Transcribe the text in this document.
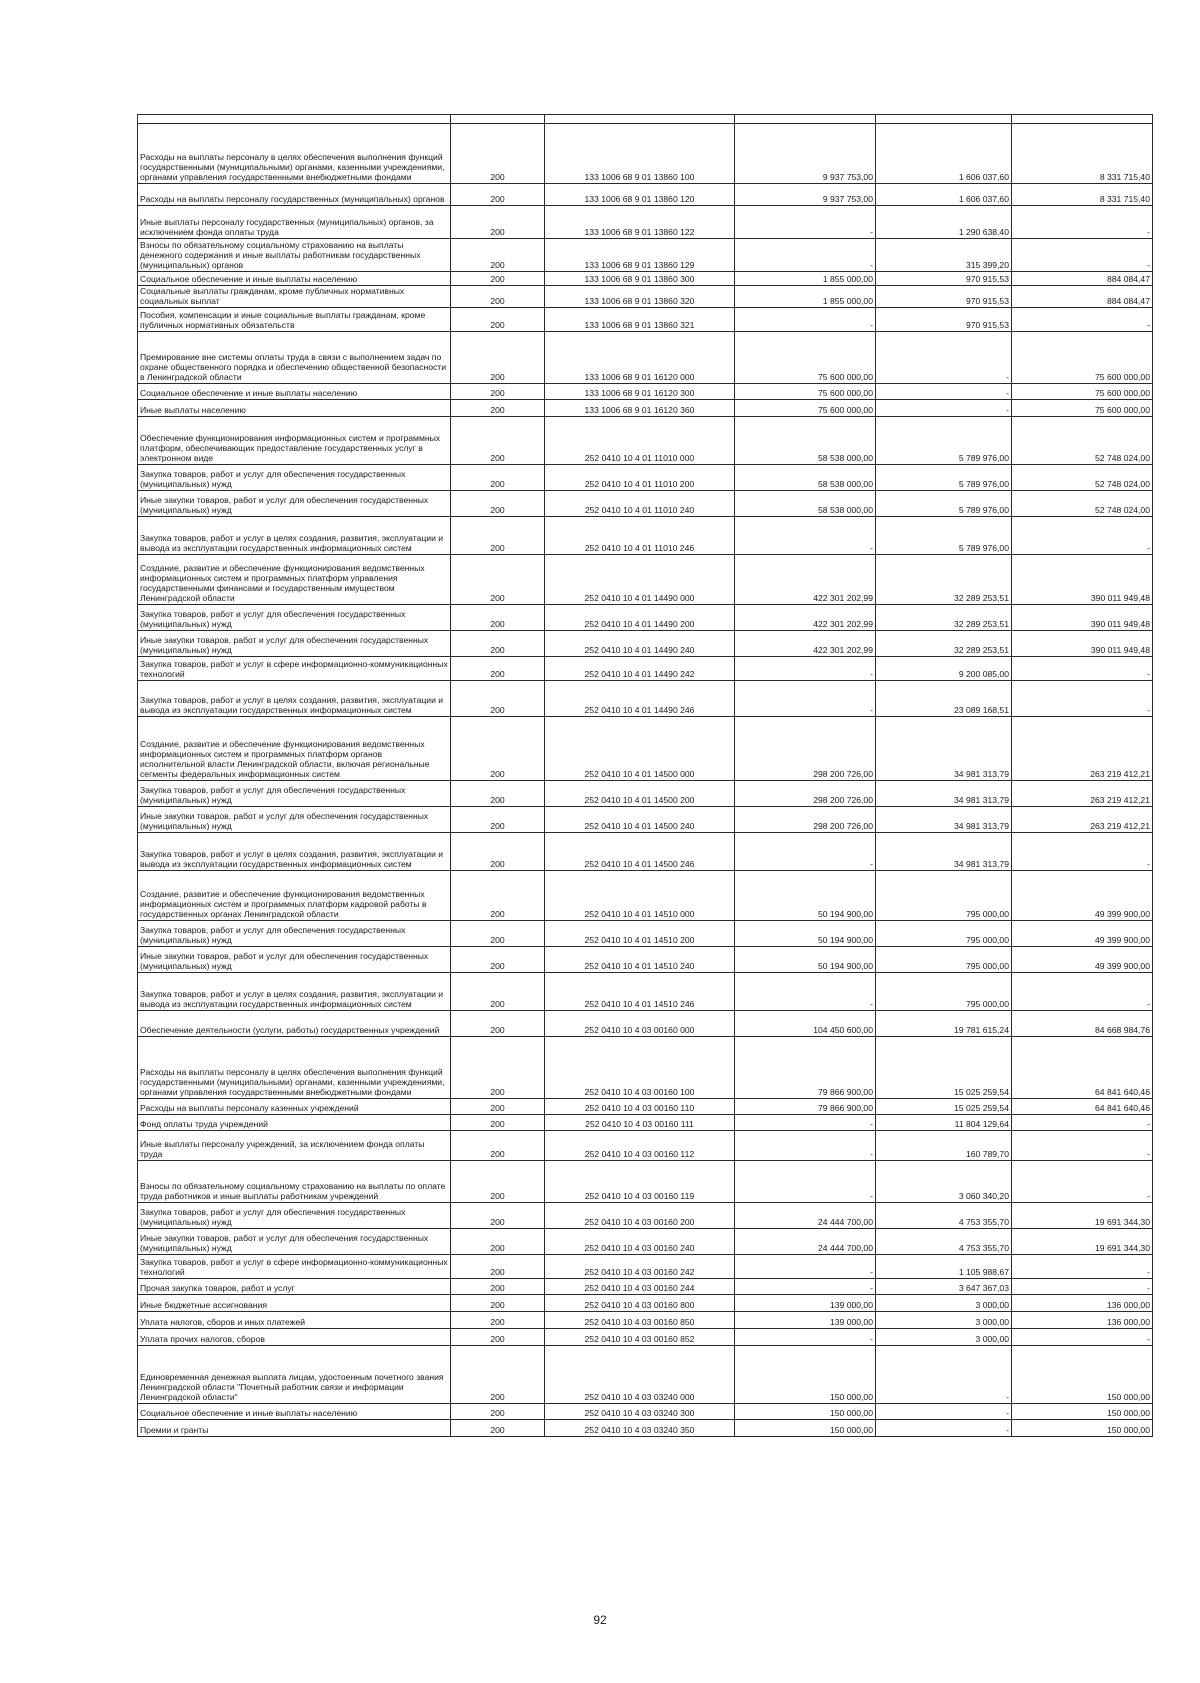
Расходы на выплаты персоналу в целях обеспечения выполнения функций государственными (муниципальными) органами, казенными учреждениями, органами управления государственными внебюджетными фондами	200	133 1006 68 9 01 13860 100	9 937 753,00	1 606 037,60	8 331 715,40
Расходы на выплаты персоналу государственных (муниципальных) органов	200	133 1006 68 9 01 13860 120	9 937 753,00	1 606 037,60	8 331 715,40
Иные выплаты персоналу государственных (муниципальных) органов, за исключением фонда оплаты труда	200	133 1006 68 9 01 13860 122	-	1 290 638,40	-
Взносы по обязательному социальному страхованию на выплаты денежного содержания и иные выплаты работникам государственных (муниципальных) органов	200	133 1006 68 9 01 13860 129	-	315 399,20	-
Социальное обеспечение и иные выплаты населению	200	133 1006 68 9 01 13860 300	1 855 000,00	970 915,53	884 084,47
Социальные выплаты гражданам, кроме публичных нормативных социальных выплат	200	133 1006 68 9 01 13860 320	1 855 000,00	970 915,53	884 084,47
Пособия, компенсации и иные социальные выплаты гражданам, кроме публичных нормативных обязательств	200	133 1006 68 9 01 13860 321	-	970 915,53	-
Премирование вне системы оплаты труда в связи с выполнением задач по охране общественного порядка и обеспечению общественной безопасности в Ленинградской области	200	133 1006 68 9 01 16120 000	75 600 000,00	-	75 600 000,00
Социальное обеспечение и иные выплаты населению	200	133 1006 68 9 01 16120 300	75 600 000,00	-	75 600 000,00
Иные выплаты населению	200	133 1006 68 9 01 16120 360	75 600 000,00	-	75 600 000,00
Обеспечение функционирования информационных систем и программных платформ, обеспечивающих предоставление государственных услуг в электронном виде	200	252 0410 10 4 01 11010 000	58 538 000,00	5 789 976,00	52 748 024,00
Закупка товаров, работ и услуг для обеспечения государственных (муниципальных) нужд	200	252 0410 10 4 01 11010 200	58 538 000,00	5 789 976,00	52 748 024,00
Иные закупки товаров, работ и услуг для обеспечения государственных (муниципальных) нужд	200	252 0410 10 4 01 11010 240	58 538 000,00	5 789 976,00	52 748 024,00
Закупка товаров, работ и услуг в целях создания, развития, эксплуатации и вывода из эксплуатации государственных информационных систем	200	252 0410 10 4 01 11010 246	-	5 789 976,00	-
Создание, развитие и обеспечение функционирования ведомственных информационных систем и программных платформ управления государственными финансами и государственным имуществом Ленинградской области	200	252 0410 10 4 01 14490 000	422 301 202,99	32 289 253,51	390 011 949,48
Закупка товаров, работ и услуг для обеспечения государственных (муниципальных) нужд	200	252 0410 10 4 01 14490 200	422 301 202,99	32 289 253,51	390 011 949,48
Иные закупки товаров, работ и услуг для обеспечения государственных (муниципальных) нужд	200	252 0410 10 4 01 14490 240	422 301 202,99	32 289 253,51	390 011 949,48
Закупка товаров, работ и услуг в сфере информационно-коммуникационных технологий	200	252 0410 10 4 01 14490 242	-	9 200 085,00	-
Закупка товаров, работ и услуг в целях создания, развития, эксплуатации и вывода из эксплуатации государственных информационных систем	200	252 0410 10 4 01 14490 246	-	23 089 168,51	-
Создание, развитие и обеспечение функционирования ведомственных информационных систем и программных платформ органов исполнительной власти Ленинградской области, включая региональные сегменты федеральных информационных систем	200	252 0410 10 4 01 14500 000	298 200 726,00	34 981 313,79	263 219 412,21
Закупка товаров, работ и услуг для обеспечения государственных (муниципальных) нужд	200	252 0410 10 4 01 14500 200	298 200 726,00	34 981 313,79	263 219 412,21
Иные закупки товаров, работ и услуг для обеспечения государственных (муниципальных) нужд	200	252 0410 10 4 01 14500 240	298 200 726,00	34 981 313,79	263 219 412,21
Закупка товаров, работ и услуг в целях создания, развития, эксплуатации и вывода из эксплуатации государственных информационных систем	200	252 0410 10 4 01 14500 246	-	34 981 313,79	-
Создание, развитие и обеспечение функционирования ведомственных информационных систем и программных платформ кадровой работы в государственных органах Ленинградской области	200	252 0410 10 4 01 14510 000	50 194 900,00	795 000,00	49 399 900,00
Закупка товаров, работ и услуг для обеспечения государственных (муниципальных) нужд	200	252 0410 10 4 01 14510 200	50 194 900,00	795 000,00	49 399 900,00
Иные закупки товаров, работ и услуг для обеспечения государственных (муниципальных) нужд	200	252 0410 10 4 01 14510 240	50 194 900,00	795 000,00	49 399 900,00
Закупка товаров, работ и услуг в целях создания, развития, эксплуатации и вывода из эксплуатации государственных информационных систем	200	252 0410 10 4 01 14510 246	-	795 000,00	-
Обеспечение деятельности (услуги, работы) государственных учреждений	200	252 0410 10 4 03 00160 000	104 450 600,00	19 781 615,24	84 668 984,76
Расходы на выплаты персоналу в целях обеспечения выполнения функций государственными (муниципальными) органами, казенными учреждениями, органами управления государственными внебюджетными фондами	200	252 0410 10 4 03 00160 100	79 866 900,00	15 025 259,54	64 841 640,46
Расходы на выплаты персоналу казенных учреждений	200	252 0410 10 4 03 00160 110	79 866 900,00	15 025 259,54	64 841 640,46
Фонд оплаты труда учреждений	200	252 0410 10 4 03 00160 111	-	11 804 129,64	-
Иные выплаты персоналу учреждений, за исключением фонда оплаты труда	200	252 0410 10 4 03 00160 112	-	160 789,70	-
Взносы по обязательному социальному страхованию на выплаты по оплате труда работников и иные выплаты работникам учреждений	200	252 0410 10 4 03 00160 119	-	3 060 340,20	-
Закупка товаров, работ и услуг для обеспечения государственных (муниципальных) нужд	200	252 0410 10 4 03 00160 200	24 444 700,00	4 753 355,70	19 691 344,30
Иные закупки товаров, работ и услуг для обеспечения государственных (муниципальных) нужд	200	252 0410 10 4 03 00160 240	24 444 700,00	4 753 355,70	19 691 344,30
Закупка товаров, работ и услуг в сфере информационно-коммуникационных технологий	200	252 0410 10 4 03 00160 242	-	1 105 988,67	-
Прочая закупка товаров, работ и услуг	200	252 0410 10 4 03 00160 244	-	3 647 367,03	-
Иные бюджетные ассигнования	200	252 0410 10 4 03 00160 800	139 000,00	3 000,00	136 000,00
Уплата налогов, сборов и иных платежей	200	252 0410 10 4 03 00160 850	139 000,00	3 000,00	136 000,00
Уплата прочих налогов, сборов	200	252 0410 10 4 03 00160 852	-	3 000,00	-
Единовременная денежная выплата лицам, удостоенным почетного звания Ленинградской области "Почетный работник связи и информации Ленинградской области"	200	252 0410 10 4 03 03240 000	150 000,00	-	150 000,00
Социальное обеспечение и иные выплаты населению	200	252 0410 10 4 03 03240 300	150 000,00	-	150 000,00
Премии и гранты	200	252 0410 10 4 03 03240 350	150 000,00	-	150 000,00
92
